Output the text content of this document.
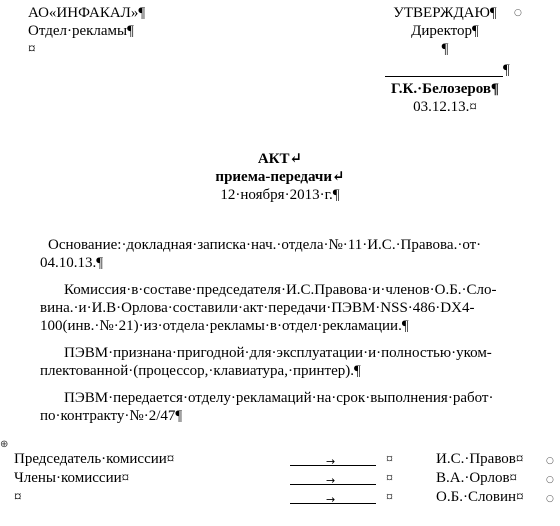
АО«ИНФАКАЛ»¶
Отдел·рекламы¶
¤
УТВЕРЖДАЮ¶	○
Директор¶
¶
¶
Г.К.·Белозеров¶
03.12.13.¤
АКТ↵
приема-передачи↵
12·ноября·2013·г.¶
Основание:·докладная·записка·нач.·отдела·№·11·И.С.·Правова.·от·
04.10.13.¶
Комиссия·в·составе·председателя·И.С.Правова·и·членов·О.Б.·Сло-
вина.·и·И.В·Орлова·составили·акт·передачи·ПЭВМ·NSS·486·DX4-
100(инв.·№·21)·из·отдела·рекламы·в·отдел·рекламации.¶
ПЭВМ·признана·пригодной·для·эксплуатации·и·полностью·уком-
плектованной·(процессор,·клавиатура,·принтер).¶
ПЭВМ·передается·отделу·рекламаций·на·срок·выполнения·работ·
по·контракту·№·2/47¶
⊕
Председатель·комиссии¤	→	¤	И.С.·Правов¤	○
Члены·комиссии¤	→	¤	В.А.·Орлов¤	○
¤	→	¤	О.Б.·Словин¤ ○
